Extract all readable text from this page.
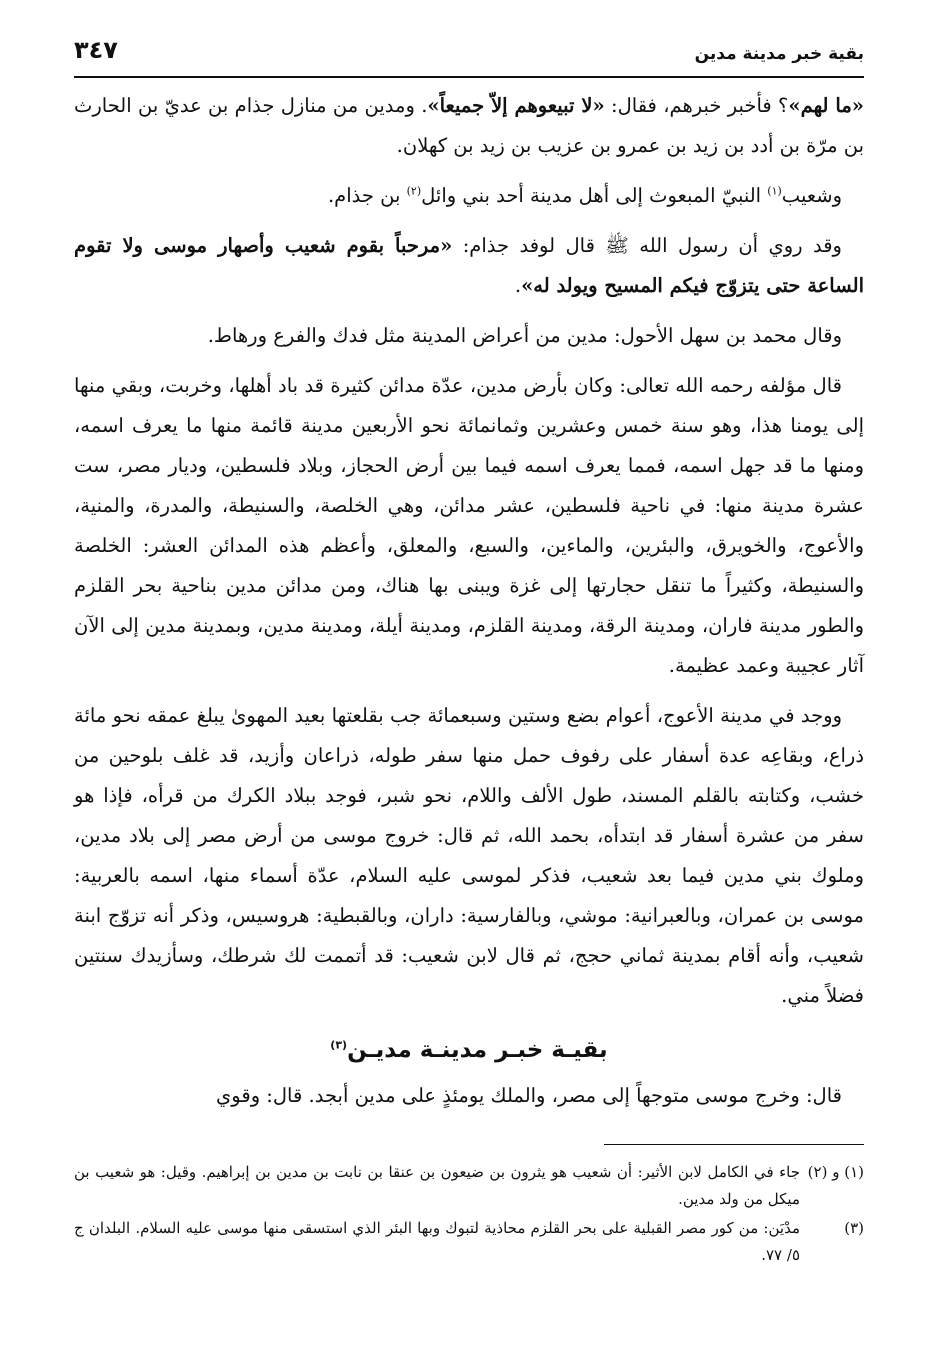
بقية خبر مدينة مدين
٣٤٧

«ما لهم»؟ فأخبر خبرهم، فقال: «لا تبيعوهم إلاّ جميعاً». ومدين من منازل جذام بن عديّ بن الحارث بن مرّة بن أدد بن زيد بن عمرو بن عزيب بن زيد بن كهلان.

وشعيب$^{(١)}$ النبيّ المبعوث إلى أهل مدينة أحد بني وائل$^{(٢)}$ بن جذام.

وقد روي أن رسول الله ﷺ قال لوفد جذام: «مرحباً بقوم شعيب وأصهار موسى ولا تقوم الساعة حتى يتزوّج فيكم المسيح ويولد له».

وقال محمد بن سهل الأحول: مدين من أعراض المدينة مثل فدك والفرع ورهاط.

قال مؤلفه رحمه الله تعالى: وكان بأرض مدين، عدّة مدائن كثيرة قد باد أهلها، وخربت، وبقي منها إلى يومنا هذا، وهو سنة خمس وعشرين وثمانمائة نحو الأربعين مدينة قائمة منها ما يعرف اسمه، ومنها ما قد جهل اسمه، فمما يعرف اسمه فيما بين أرض الحجاز، وبلاد فلسطين، وديار مصر، ست عشرة مدينة منها: في ناحية فلسطين، عشر مدائن، وهي الخلصة، والسنيطة، والمدرة، والمنية، والأعوج، والخويرق، والبئرين، والماءين، والسبع، والمعلق، وأعظم هذه المدائن العشر: الخلصة والسنيطة، وكثيراً ما تنقل حجارتها إلى غزة ويبنى بها هناك، ومن مدائن مدين بناحية بحر القلزم والطور مدينة فاران، ومدينة الرقة، ومدينة القلزم، ومدينة أيلة، ومدينة مدين، وبمدينة مدين إلى الآن آثار عجيبة وعمد عظيمة.

ووجد في مدينة الأعوج، أعوام بضع وستين وسبعمائة جب بقلعتها بعيد المهوىٰ يبلغ عمقه نحو مائة ذراع، وبقاعِه عدة أسفار على رفوف حمل منها سفر طوله، ذراعان وأزيد، قد غلف بلوحين من خشب، وكتابته بالقلم المسند، طول الألف واللام، نحو شبر، فوجد ببلاد الكرك من قرأه، فإذا هو سفر من عشرة أسفار قد ابتدأه، بحمد الله، ثم قال: خروج موسى من أرض مصر إلى بلاد مدين، وملوك بني مدين فيما بعد شعيب، فذكر لموسى عليه السلام، عدّة أسماء منها، اسمه بالعربية: موسى بن عمران، وبالعبرانية: موشي، وبالفارسية: داران، وبالقبطية: هروسيس، وذكر أنه تزوّج ابنة شعيب، وأنه أقام بمدينة ثماني حجج، ثم قال لابن شعيب: قد أتممت لك شرطك، وسأزيدك سنتين فضلاً مني.

بقيـة خبـر مدينـة مديـن$^{(٣)}$

قال: وخرج موسى متوجهاً إلى مصر، والملك يومئذٍ على مدين أبجد. قال: وقوي

(١) و (٢)
جاء في الكامل لابن الأثير: أن شعيب هو يثرون بن ضيعون بن عنقا بن نابت بن مدين بن إبراهيم. وقيل: هو شعيب بن ميكل من ولد مدين.
(٣)
مدْيَن: من كور مصر القبلية على بحر القلزم محاذية لتبوك وبها البئر الذي استسقى منها موسى عليه السلام. البلدان ج ٥/ ٧٧.
